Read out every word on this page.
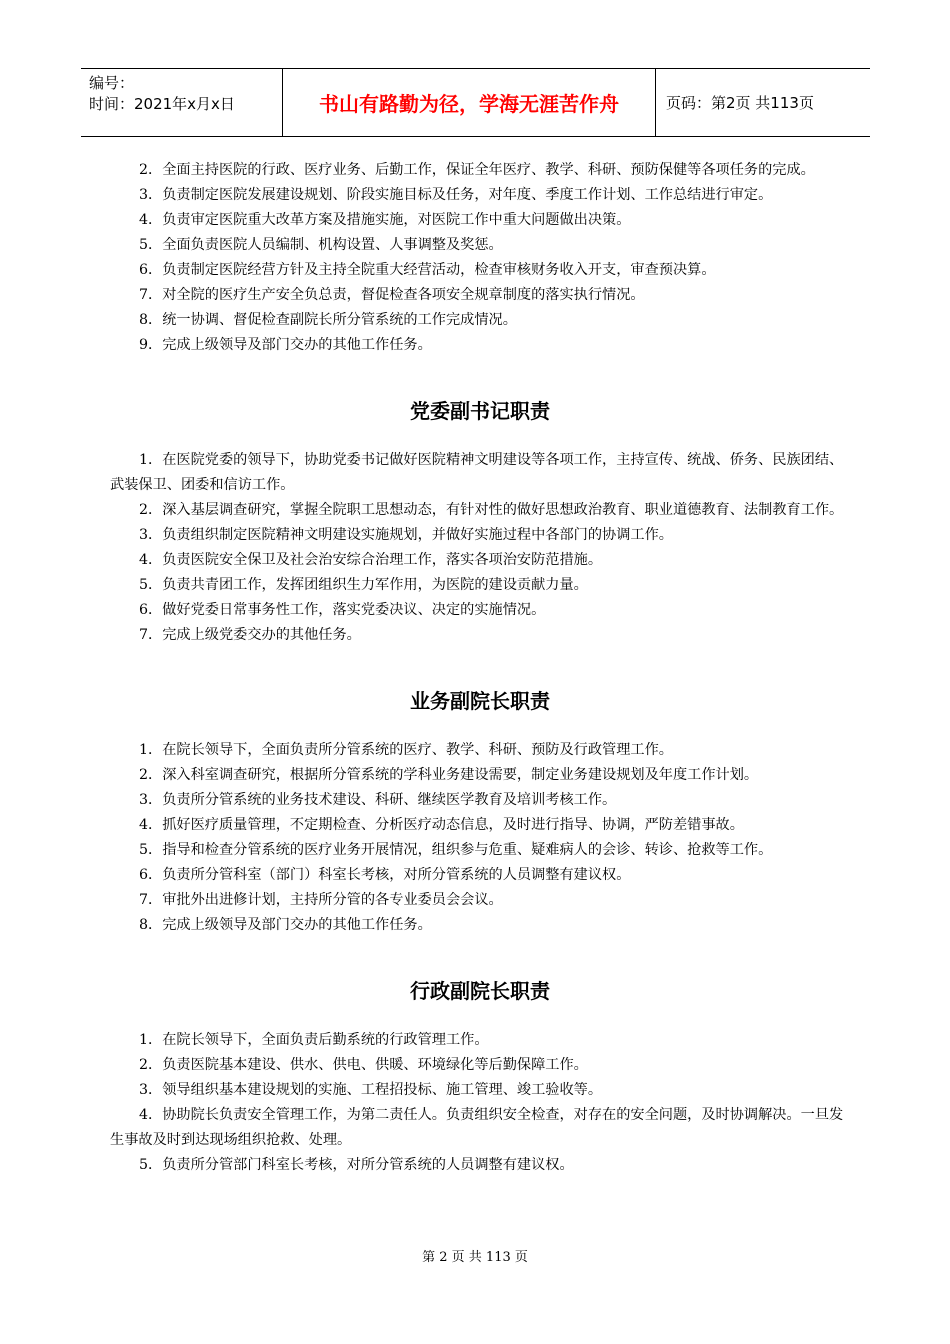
编号：
时间：2021年x月x日	书山有路勤为径，学海无涯苦作舟	页码：第2页 共113页

2．全面主持医院的行政、医疗业务、后勤工作，保证全年医疗、教学、科研、预防保健等各项任务的完成。

3．负责制定医院发展建设规划、阶段实施目标及任务，对年度、季度工作计划、工作总结进行审定。

4．负责审定医院重大改革方案及措施实施，对医院工作中重大问题做出决策。

5．全面负责医院人员编制、机构设置、人事调整及奖惩。

6．负责制定医院经营方针及主持全院重大经营活动，检查审核财务收入开支，审查预决算。

7．对全院的医疗生产安全负总责，督促检查各项安全规章制度的落实执行情况。

8．统一协调、督促检查副院长所分管系统的工作完成情况。

9．完成上级领导及部门交办的其他工作任务。

党委副书记职责

1．在医院党委的领导下，协助党委书记做好医院精神文明建设等各项工作，主持宣传、统战、侨务、民族团结、武装保卫、团委和信访工作。

2．深入基层调查研究，掌握全院职工思想动态，有针对性的做好思想政治教育、职业道德教育、法制教育工作。

3．负责组织制定医院精神文明建设实施规划，并做好实施过程中各部门的协调工作。

4．负责医院安全保卫及社会治安综合治理工作，落实各项治安防范措施。

5．负责共青团工作，发挥团组织生力军作用，为医院的建设贡献力量。

6．做好党委日常事务性工作，落实党委决议、决定的实施情况。

7．完成上级党委交办的其他任务。

业务副院长职责

1．在院长领导下，全面负责所分管系统的医疗、教学、科研、预防及行政管理工作。

2．深入科室调查研究，根据所分管系统的学科业务建设需要，制定业务建设规划及年度工作计划。

3．负责所分管系统的业务技术建设、科研、继续医学教育及培训考核工作。

4．抓好医疗质量管理，不定期检查、分析医疗动态信息，及时进行指导、协调，严防差错事故。

5．指导和检查分管系统的医疗业务开展情况，组织参与危重、疑难病人的会诊、转诊、抢救等工作。

6．负责所分管科室（部门）科室长考核，对所分管系统的人员调整有建议权。

7．审批外出进修计划，主持所分管的各专业委员会会议。

8．完成上级领导及部门交办的其他工作任务。

行政副院长职责

1．在院长领导下，全面负责后勤系统的行政管理工作。

2．负责医院基本建设、供水、供电、供暖、环境绿化等后勤保障工作。

3．领导组织基本建设规划的实施、工程招投标、施工管理、竣工验收等。

4．协助院长负责安全管理工作，为第二责任人。负责组织安全检查，对存在的安全问题，及时协调解决。一旦发生事故及时到达现场组织抢救、处理。

5．负责所分管部门科室长考核，对所分管系统的人员调整有建议权。

第 2 页 共 113 页
